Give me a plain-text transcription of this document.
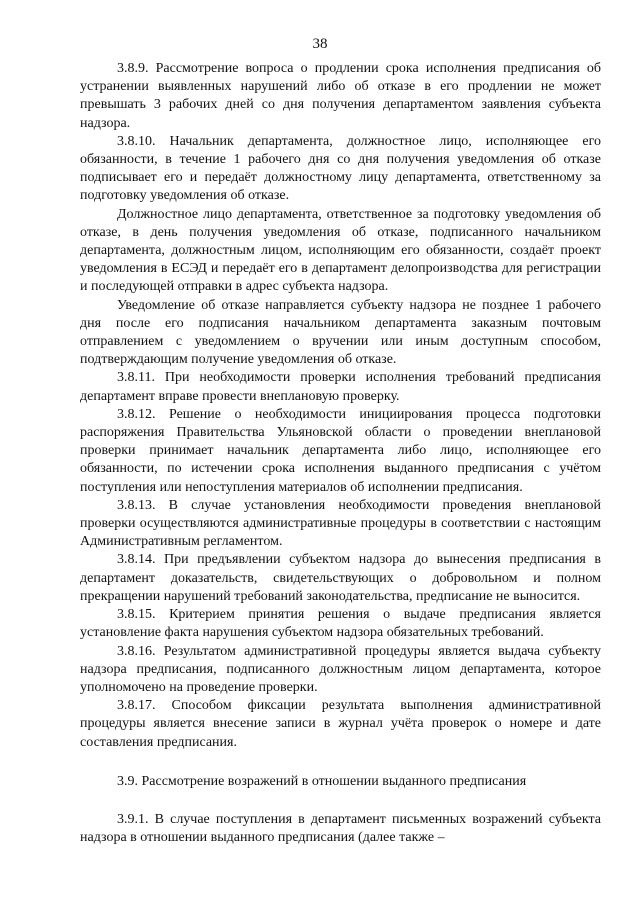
38

3.8.9. Рассмотрение вопроса о продлении срока исполнения предписания об устранении выявленных нарушений либо об отказе в его продлении не может превышать 3 рабочих дней со дня получения департаментом заявления субъекта надзора.

3.8.10. Начальник департамента, должностное лицо, исполняющее его обязанности, в течение 1 рабочего дня со дня получения уведомления об отказе подписывает его и передаёт должностному лицу департамента, ответственному за подготовку уведомления об отказе.

Должностное лицо департамента, ответственное за подготовку уведомления об отказе, в день получения уведомления об отказе, подписанного начальником департамента, должностным лицом, исполняющим его обязанности, создаёт проект уведомления в ЕСЭД и передаёт его в департамент делопроизводства для регистрации и последующей отправки в адрес субъекта надзора.

Уведомление об отказе направляется субъекту надзора не позднее 1 рабочего дня после его подписания начальником департамента заказным почтовым отправлением с уведомлением о вручении или иным доступным способом, подтверждающим получение уведомления об отказе.

3.8.11. При необходимости проверки исполнения требований предписания департамент вправе провести внеплановую проверку.

3.8.12. Решение о необходимости инициирования процесса подготовки распоряжения Правительства Ульяновской области о проведении внеплановой проверки принимает начальник департамента либо лицо, исполняющее его обязанности, по истечении срока исполнения выданного предписания с учётом поступления или непоступления материалов об исполнении предписания.

3.8.13. В случае установления необходимости проведения внеплановой проверки осуществляются административные процедуры в соответствии с настоящим Административным регламентом.

3.8.14. При предъявлении субъектом надзора до вынесения предписания в департамент доказательств, свидетельствующих о добровольном и полном прекращении нарушений требований законодательства, предписание не выносится.

3.8.15. Критерием принятия решения о выдаче предписания является установление факта нарушения субъектом надзора обязательных требований.

3.8.16. Результатом административной процедуры является выдача субъекту надзора предписания, подписанного должностным лицом департамента, которое уполномочено на проведение проверки.

3.8.17. Способом фиксации результата выполнения административной процедуры является внесение записи в журнал учёта проверок о номере и дате составления предписания.

3.9. Рассмотрение возражений в отношении выданного предписания

3.9.1. В случае поступления в департамент письменных возражений субъекта надзора в отношении выданного предписания (далее также –
